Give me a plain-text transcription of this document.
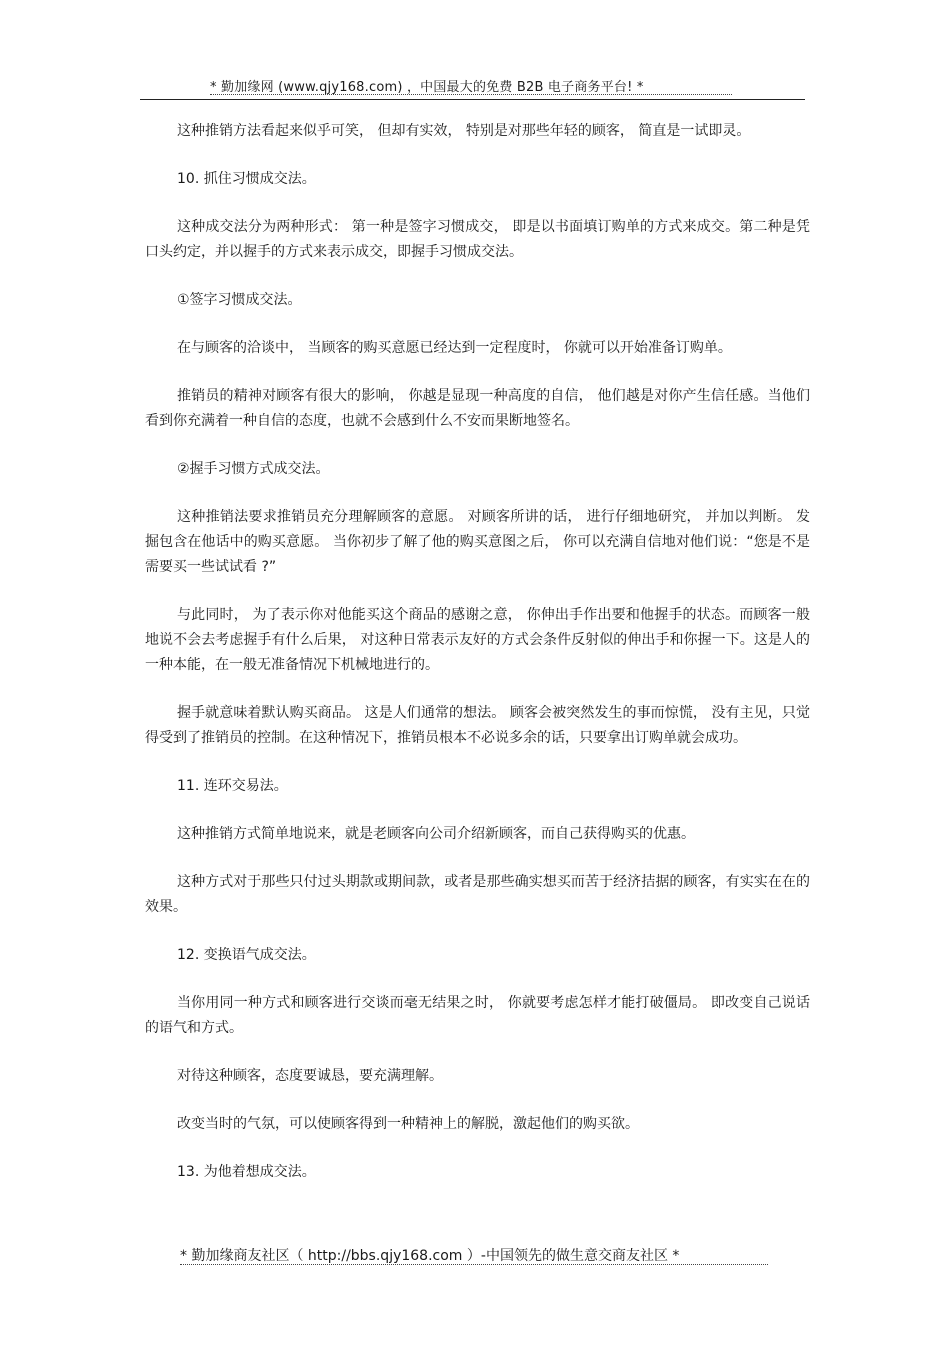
* 勤加缘网 (www.qjy168.com) ，中国最大的免费 B2B 电子商务平台! *

这种推销方法看起来似乎可笑， 但却有实效， 特别是对那些年轻的顾客， 简直是一试即灵。

10. 抓住习惯成交法。

这种成交法分为两种形式： 第一种是签字习惯成交， 即是以书面填订购单的方式来成交。第二种是凭口头约定，并以握手的方式来表示成交，即握手习惯成交法。

①签字习惯成交法。

在与顾客的洽谈中， 当顾客的购买意愿已经达到一定程度时， 你就可以开始准备订购单。

推销员的精神对顾客有很大的影响， 你越是显现一种高度的自信， 他们越是对你产生信任感。当他们看到你充满着一种自信的态度，也就不会感到什么不安而果断地签名。

②握手习惯方式成交法。

这种推销法要求推销员充分理解顾客的意愿。 对顾客所讲的话， 进行仔细地研究， 并加以判断。 发掘包含在他话中的购买意愿。 当你初步了解了他的购买意图之后， 你可以充满自信地对他们说：“您是不是需要买一些试试看 ?”

与此同时， 为了表示你对他能买这个商品的感谢之意， 你伸出手作出要和他握手的状态。而顾客一般地说不会去考虑握手有什么后果， 对这种日常表示友好的方式会条件反射似的伸出手和你握一下。这是人的一种本能，在一般无准备情况下机械地进行的。

握手就意味着默认购买商品。 这是人们通常的想法。 顾客会被突然发生的事而惊慌， 没有主见，只觉得受到了推销员的控制。在这种情况下，推销员根本不必说多余的话，只要拿出订购单就会成功。

11. 连环交易法。

这种推销方式简单地说来，就是老顾客向公司介绍新顾客，而自己获得购买的优惠。

这种方式对于那些只付过头期款或期间款，或者是那些确实想买而苦于经济拮据的顾客，有实实在在的效果。

12. 变换语气成交法。

当你用同一种方式和顾客进行交谈而毫无结果之时， 你就要考虑怎样才能打破僵局。 即改变自己说话的语气和方式。

对待这种顾客，态度要诚恳，要充满理解。

改变当时的气氛，可以使顾客得到一种精神上的解脱，激起他们的购买欲。

13. 为他着想成交法。

* 勤加缘商友社区（ http://bbs.qjy168.com ）-中国领先的做生意交商友社区 *
